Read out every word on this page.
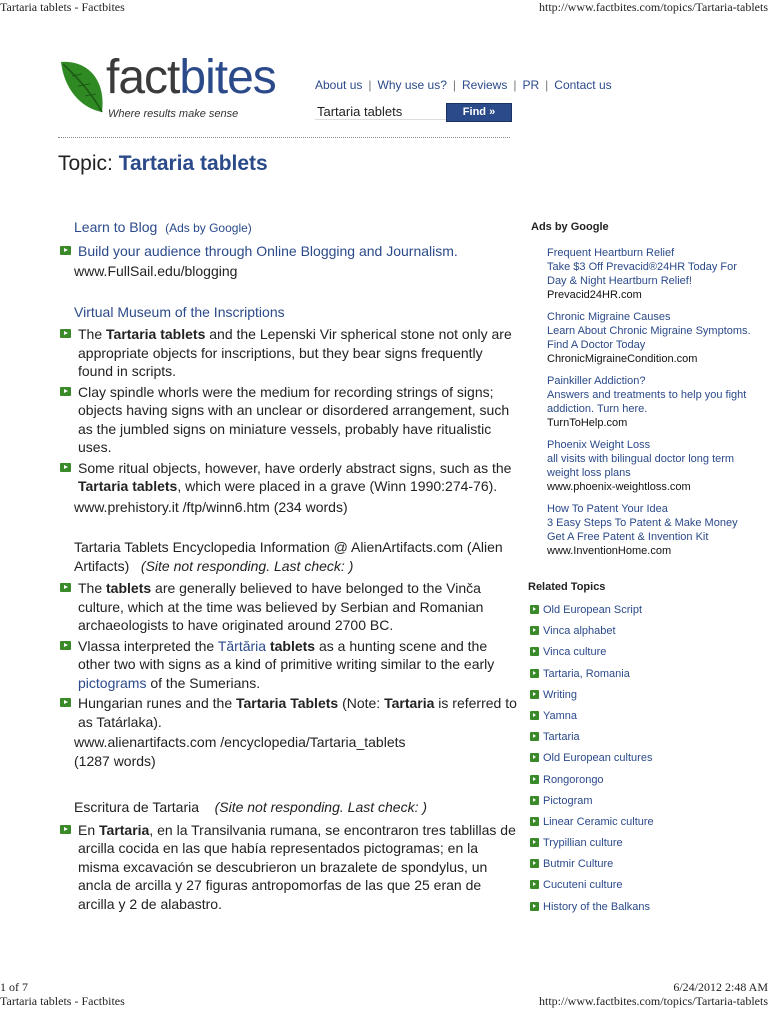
Tartaria tablets - Factbites	http://www.factbites.com/topics/Tartaria-tablets
factbites
Where results make sense
About us | Why use us? | Reviews | PR | Contact us
Tartaria tablets
Find »
Topic: Tartaria tablets
Learn to Blog (Ads by Google)
Build your audience through Online Blogging and Journalism.
www.FullSail.edu/blogging
Virtual Museum of the Inscriptions
The Tartaria tablets and the Lepenski Vir spherical stone not only are appropriate objects for inscriptions, but they bear signs frequently found in scripts.
Clay spindle whorls were the medium for recording strings of signs; objects having signs with an unclear or disordered arrangement, such as the jumbled signs on miniature vessels, probably have ritualistic uses.
Some ritual objects, however, have orderly abstract signs, such as the Tartaria tablets, which were placed in a grave (Winn 1990:274-76).
www.prehistory.it /ftp/winn6.htm (234 words)
Tartaria Tablets Encyclopedia Information @ AlienArtifacts.com (Alien Artifacts) (Site not responding. Last check: )
The tablets are generally believed to have belonged to the Vinča culture, which at the time was believed by Serbian and Romanian archaeologists to have originated around 2700 BC.
Vlassa interpreted the Tărtăria tablets as a hunting scene and the other two with signs as a kind of primitive writing similar to the early pictograms of the Sumerians.
Hungarian runes and the Tartaria Tablets (Note: Tartaria is referred to as Tatárlaka).
www.alienartifacts.com /encyclopedia/Tartaria_tablets
(1287 words)
Escritura de Tartaria (Site not responding. Last check: )
En Tartaria, en la Transilvania rumana, se encontraron tres tablillas de arcilla cocida en las que había representados pictogramas; en la misma excavación se descubrieron un brazalete de spondylus, un ancla de arcilla y 27 figuras antropomorfas de las que 25 eran de arcilla y 2 de alabastro.
Ads by Google
Frequent Heartburn Relief
Take $3 Off Prevacid®24HR Today For Day & Night Heartburn Relief!
Prevacid24HR.com
Chronic Migraine Causes
Learn About Chronic Migraine Symptoms. Find A Doctor Today
ChronicMigraineCondition.com
Painkiller Addiction?
Answers and treatments to help you fight addiction. Turn here.
TurnToHelp.com
Phoenix Weight Loss
all visits with bilingual doctor long term weight loss plans
www.phoenix-weightloss.com
How To Patent Your Idea
3 Easy Steps To Patent & Make Money Get A Free Patent & Invention Kit
www.InventionHome.com
Related Topics
Old European Script
Vinca alphabet
Vinca culture
Tartaria, Romania
Writing
Yamna
Tartaria
Old European cultures
Rongorongo
Pictogram
Linear Ceramic culture
Trypillian culture
Butmir Culture
Cucuteni culture
History of the Balkans
1 of 7	6/24/2012 2:48 AM
Tartaria tablets - Factbites	http://www.factbites.com/topics/Tartaria-tablets
